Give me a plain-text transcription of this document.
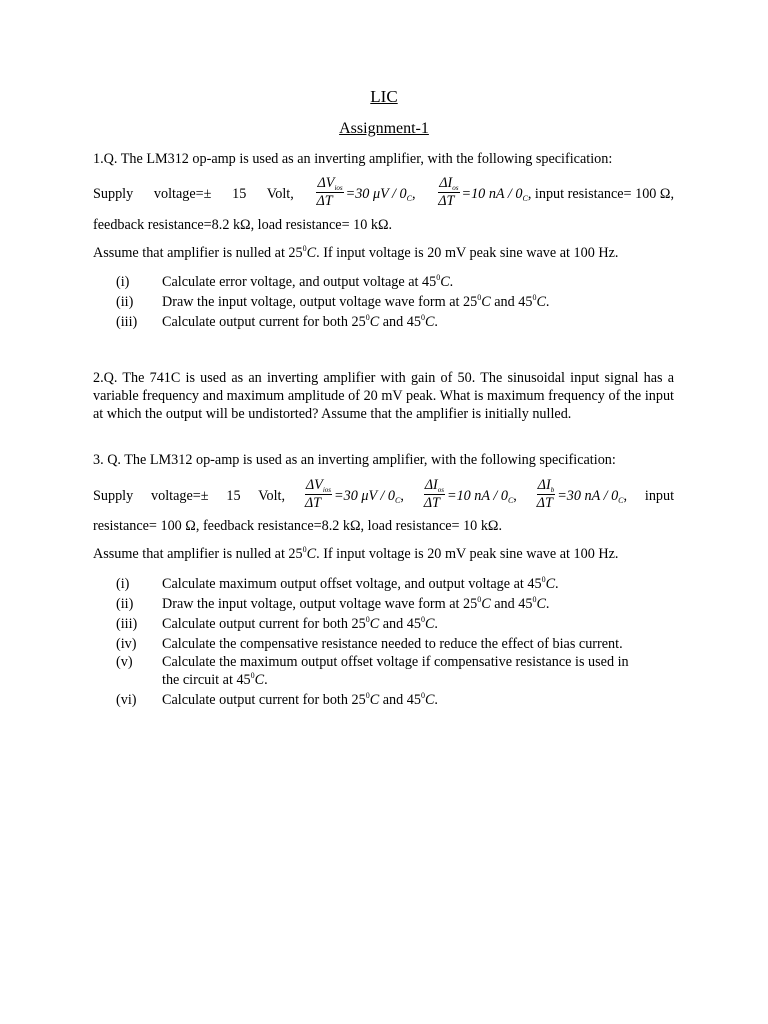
LIC
Assignment-1
1.Q. The LM312 op-amp is used as an inverting amplifier, with the following specification:
Supply voltage=± 15 Volt, $\frac{\Delta V_{ios}}{\Delta T} =30$ μV / $0_C$, $\frac{\Delta I_{os}}{\Delta T} =10$ nA / $0_C$, input resistance= 100 Ω,
feedback resistance=8.2 kΩ, load resistance= 10 kΩ.
Assume that amplifier is nulled at $25^0C$. If input voltage is 20 mV peak sine wave at 100 Hz.
(i)	Calculate error voltage, and output voltage at $45^0C$.
(ii)	Draw the input voltage, output voltage wave form at $25^0C$ and $45^0C$.
(iii)	Calculate output current for both $25^0C$ and $45^0C$.
2.Q. The 741C is used as an inverting amplifier with gain of 50. The sinusoidal input signal has a variable frequency and maximum amplitude of 20 mV peak. What is maximum frequency of the input at which the output will be undistorted? Assume that the amplifier is initially nulled.
3. Q. The LM312 op-amp is used as an inverting amplifier, with the following specification:
Supply voltage=± 15 Volt, $\frac{\Delta V_{ios}}{\Delta T} =30$ μV / $0_C$, $\frac{\Delta I_{os}}{\Delta T} =10$ nA / $0_C$, $\frac{\Delta I_b}{\Delta T} =30$ nA / $0_C$, input
resistance= 100 Ω, feedback resistance=8.2 kΩ, load resistance= 10 kΩ.
Assume that amplifier is nulled at $25^0C$. If input voltage is 20 mV peak sine wave at 100 Hz.
(i)	Calculate maximum output offset voltage, and output voltage at $45^0C$.
(ii)	Draw the input voltage, output voltage wave form at $25^0C$ and $45^0C$.
(iii)	Calculate output current for both $25^0C$ and $45^0C$.
(iv)	Calculate the compensative resistance needed to reduce the effect of bias current.
(v)	Calculate the maximum output offset voltage if compensative resistance is used in
the circuit at $45^0C$.
(vi)	Calculate output current for both $25^0C$ and $45^0C$.
